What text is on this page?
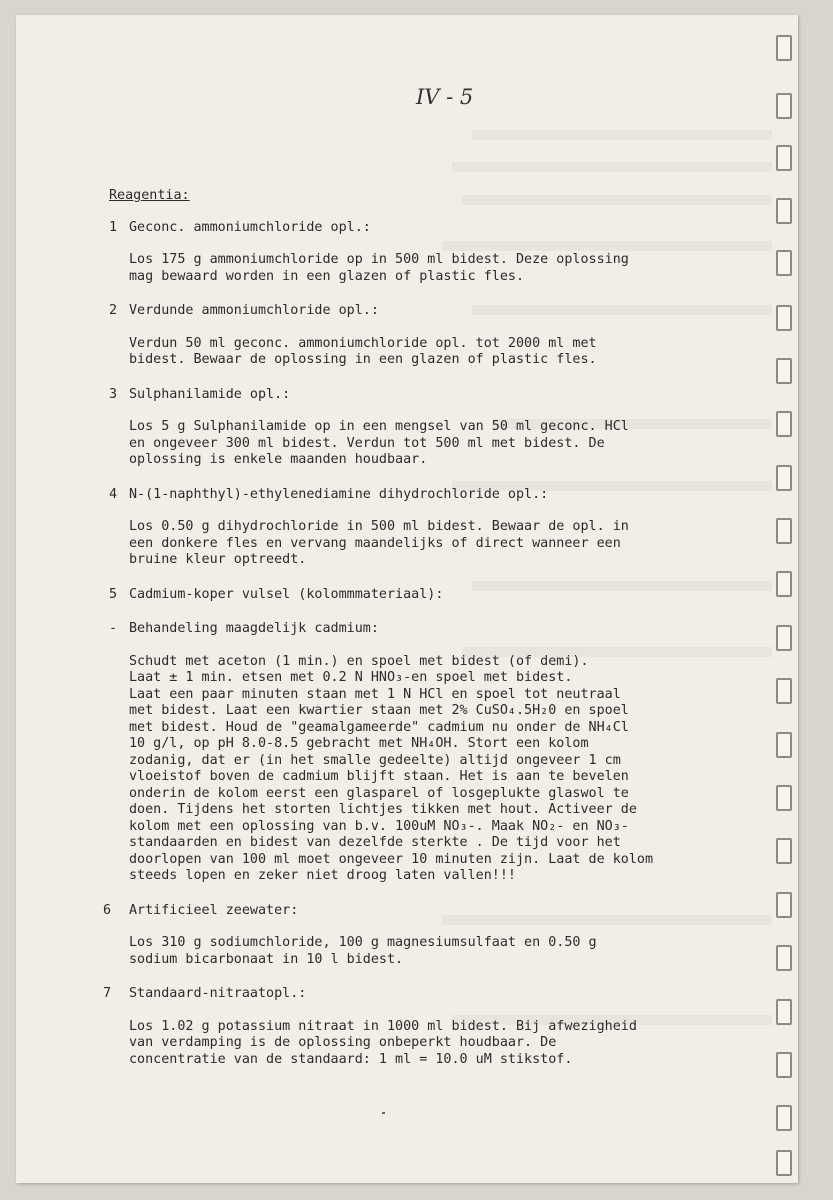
IV - 5
Reagentia:
1 Geconc. ammoniumchloride opl.:
Los 175 g ammoniumchloride op in 500 ml bidest. Deze oplossing
mag bewaard worden in een glazen of plastic fles.
2 Verdunde ammoniumchloride opl.:
Verdun 50 ml geconc. ammoniumchloride opl. tot 2000 ml met
bidest. Bewaar de oplossing in een glazen of plastic fles.
3 Sulphanilamide opl.:
Los 5 g Sulphanilamide op in een mengsel van 50 ml geconc. HCl
en ongeveer 300 ml bidest. Verdun tot 500 ml met bidest. De
oplossing is enkele maanden houdbaar.
4 N-(1-naphthyl)-ethylenediamine dihydrochloride opl.:
Los 0.50 g dihydrochloride in 500 ml bidest. Bewaar de opl. in
een donkere fles en vervang maandelijks of direct wanneer een
bruine kleur optreedt.
5 Cadmium-koper vulsel (kolommmateriaal):
- Behandeling maagdelijk cadmium:
Schudt met aceton (1 min.) en spoel met bidest (of demi).
Laat ± 1 min. etsen met 0.2 N HNO₃-en spoel met bidest.
Laat een paar minuten staan met 1 N HCl en spoel tot neutraal
met bidest. Laat een kwartier staan met 2% CuSO₄.5H₂0 en spoel
met bidest. Houd de "geamalgameerde" cadmium nu onder de NH₄Cl
10 g/l, op pH 8.0-8.5 gebracht met NH₄OH. Stort een kolom
zodanig, dat er (in het smalle gedeelte) altijd ongeveer 1 cm
vloeistof boven de cadmium blijft staan. Het is aan te bevelen
onderin de kolom eerst een glasparel of losgeplukte glaswol te
doen. Tijdens het storten lichtjes tikken met hout. Activeer de
kolom met een oplossing van b.v. 100uM NO₃-. Maak NO₂- en NO₃-
standaarden en bidest van dezelfde sterkte . De tijd voor het
doorlopen van 100 ml moet ongeveer 10 minuten zijn. Laat de kolom
steeds lopen en zeker niet droog laten vallen!!!
6 Artificieel zeewater:
Los 310 g sodiumchloride, 100 g magnesiumsulfaat en 0.50 g
sodium bicarbonaat in 10 l bidest.
7 Standaard-nitraatopl.:
Los 1.02 g potassium nitraat in 1000 ml bidest. Bij afwezigheid
van verdamping is de oplossing onbeperkt houdbaar. De
concentratie van de standaard: 1 ml = 10.0 uM stikstof.
